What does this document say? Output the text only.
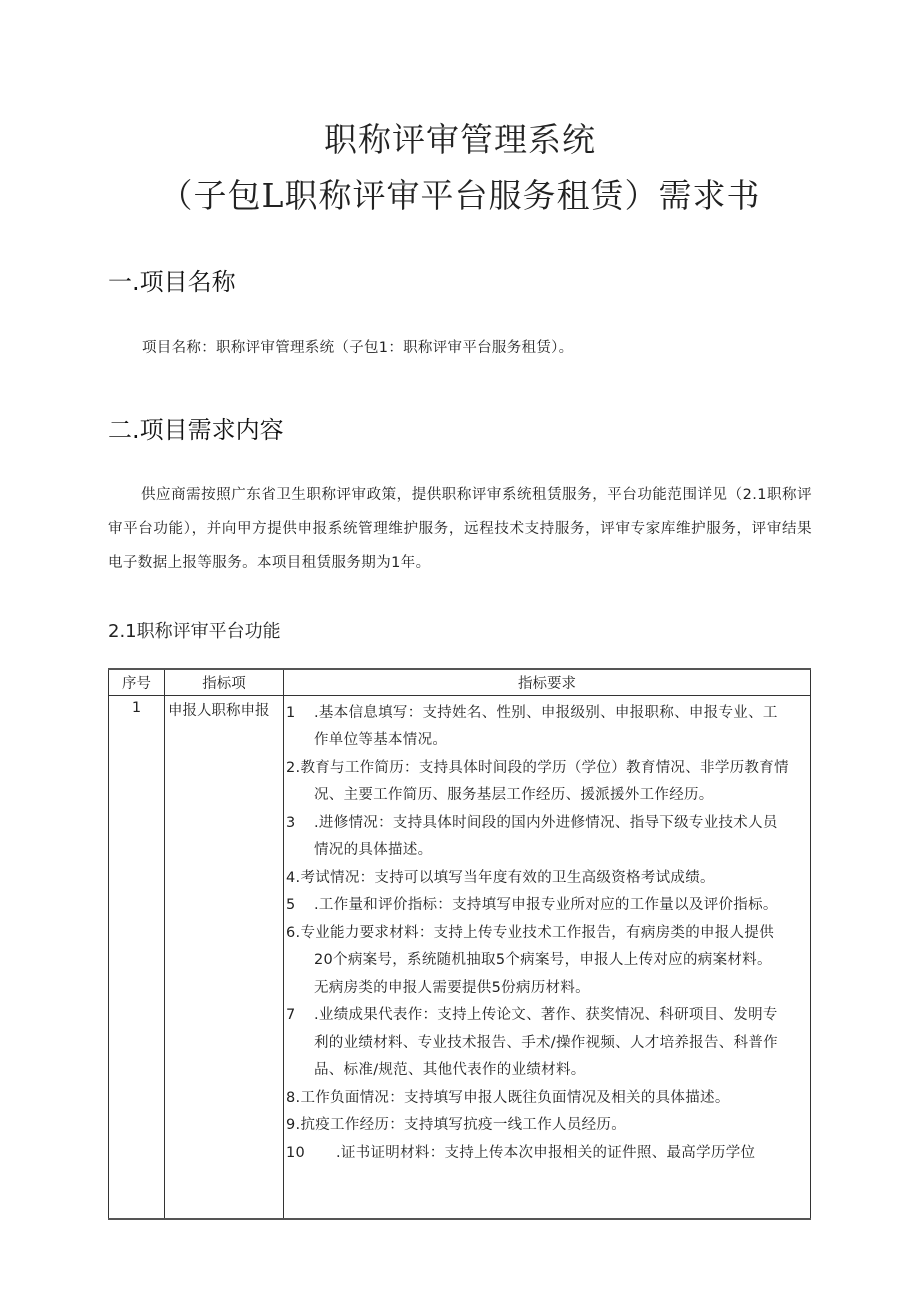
职称评审管理系统
（子包L职称评审平台服务租赁）需求书
一.项目名称
项目名称：职称评审管理系统（子包1：职称评审平台服务租赁）。
二.项目需求内容
供应商需按照广东省卫生职称评审政策，提供职称评审系统租赁服务，平台功能范围详见（2.1职称评审平台功能），并向甲方提供申报系统管理维护服务，远程技术支持服务，评审专家库维护服务，评审结果电子数据上报等服务。本项目租赁服务期为1年。
2.1职称评审平台功能
序号	指标项	指标要求
1	申报人职称申报	1 .基本信息填写：支持姓名、性别、申报级别、申报职称、申报专业、工
作单位等基本情况。
2.教育与工作简历：支持具体时间段的学历（学位）教育情况、非学历教育情
况、主要工作简历、服务基层工作经历、援派援外工作经历。
3 .进修情况：支持具体时间段的国内外进修情况、指导下级专业技术人员
情况的具体描述。
4.考试情况：支持可以填写当年度有效的卫生高级资格考试成绩。
5 .工作量和评价指标：支持填写申报专业所对应的工作量以及评价指标。
6.专业能力要求材料：支持上传专业技术工作报告，有病房类的申报人提供
20个病案号，系统随机抽取5个病案号，申报人上传对应的病案材料。
无病房类的申报人需要提供5份病历材料。
7 .业绩成果代表作：支持上传论文、著作、获奖情况、科研项目、发明专
利的业绩材料、专业技术报告、手术/操作视频、人才培养报告、科普作
品、标准/规范、其他代表作的业绩材料。
8.工作负面情况：支持填写申报人既往负面情况及相关的具体描述。
9.抗疫工作经历：支持填写抗疫一线工作人员经历。
10 .证书证明材料：支持上传本次申报相关的证件照、最高学历学位
